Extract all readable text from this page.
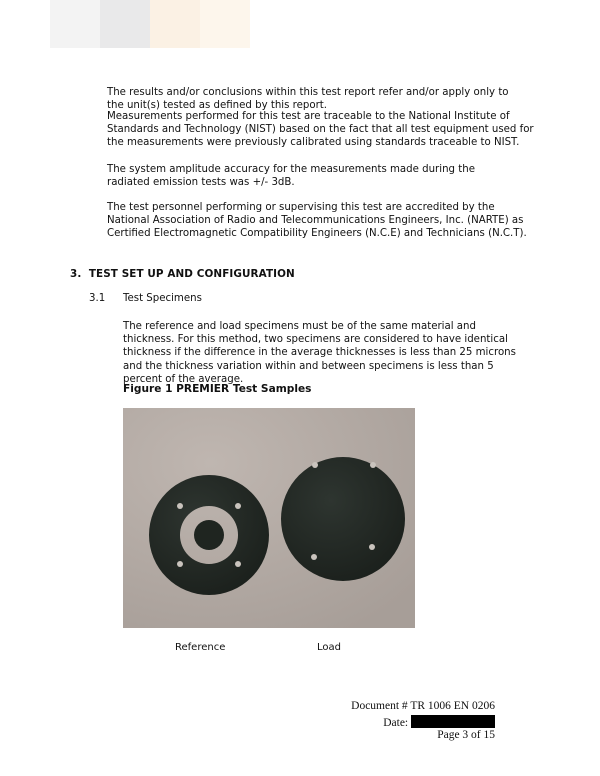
The results and/or conclusions within this test report refer and/or apply only to the unit(s) tested as defined by this report.

Measurements performed for this test are traceable to the National Institute of Standards and Technology (NIST) based on the fact that all test equipment used for the measurements were previously calibrated using standards traceable to NIST.

The system amplitude accuracy for the measurements made during the radiated emission tests was +/- 3dB.

The test personnel performing or supervising this test are accredited by the National Association of Radio and Telecommunications Engineers, Inc. (NARTE) as Certified Electromagnetic Compatibility Engineers (N.C.E) and Technicians (N.C.T).

3. TEST SET UP AND CONFIGURATION
3.1 Test Specimens

The reference and load specimens must be of the same material and thickness. For this method, two specimens are considered to have identical thickness if the difference in the average thicknesses is less than 25 microns and the thickness variation within and between specimens is less than 5 percent of the average.

Figure 1 PREMIER Test Samples
Reference	Load
Document # TR 1006 EN 0206
Date:
Page 3 of 15
